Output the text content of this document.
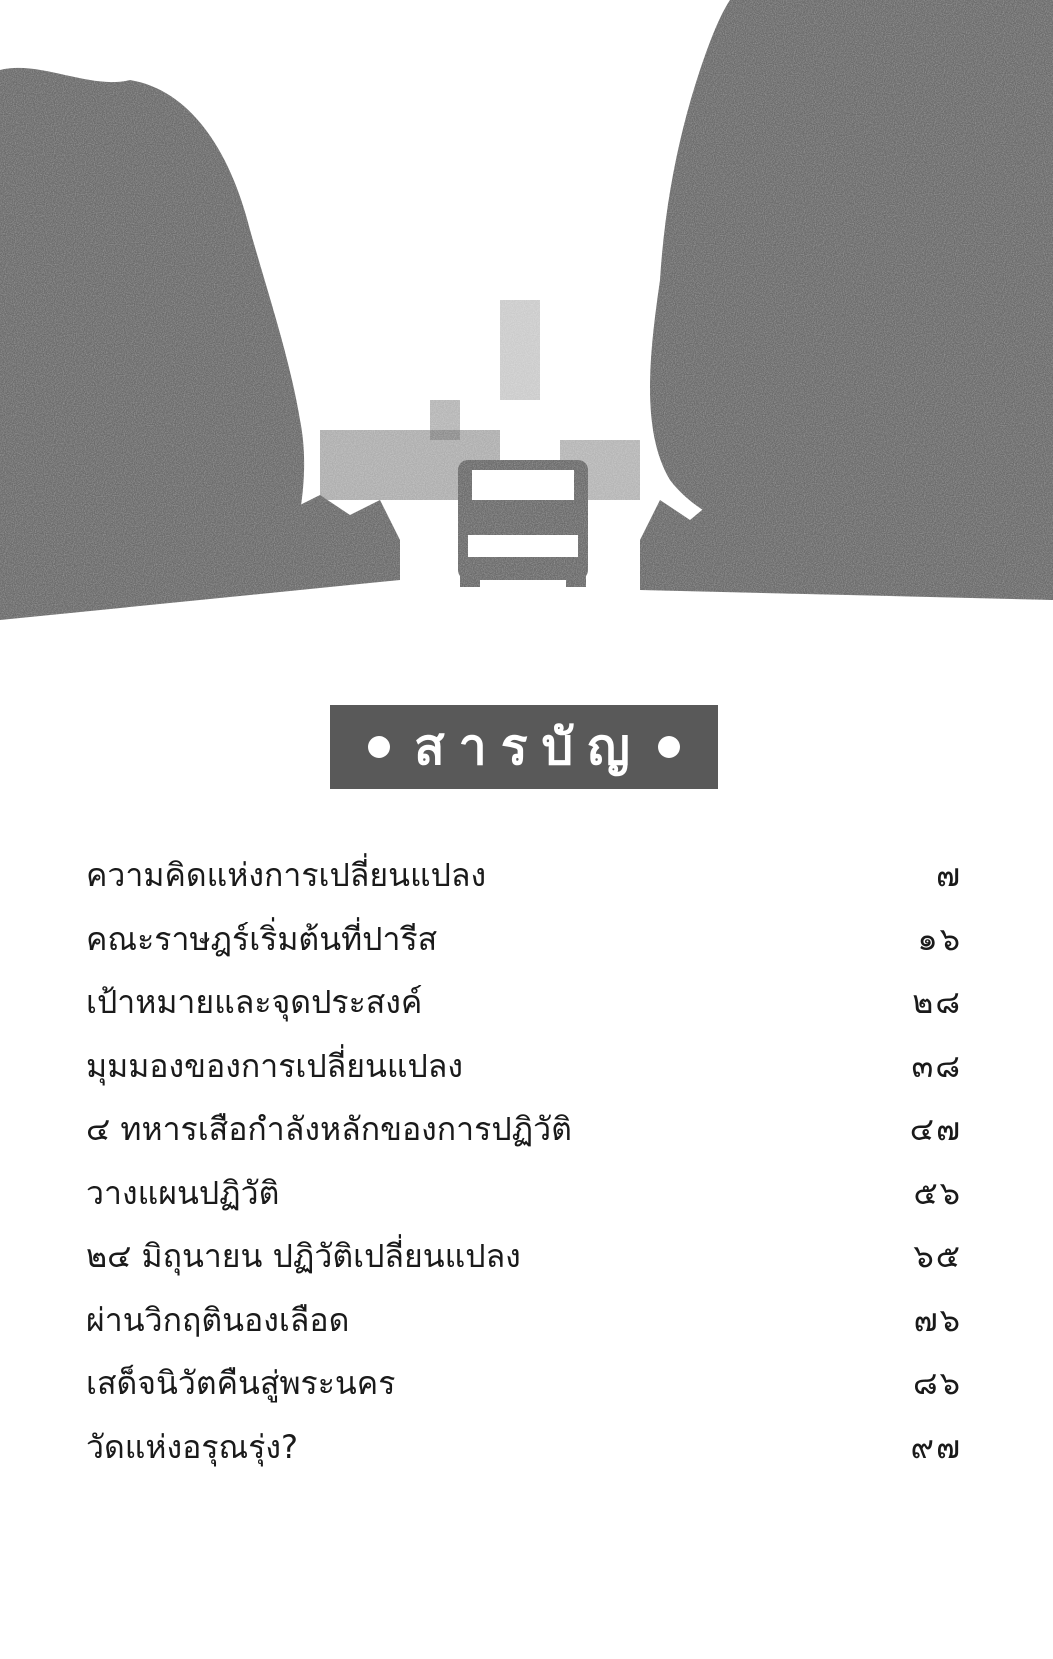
สารบัญ
ความคิดแห่งการเปลี่ยนแปลง	๗
คณะราษฎร์เริ่มต้นที่ปารีส	๑๖
เป้าหมายและจุดประสงค์	๒๘
มุมมองของการเปลี่ยนแปลง	๓๘
๔ ทหารเสือกำลังหลักของการปฏิวัติ	๔๗
วางแผนปฏิวัติ	๕๖
๒๔ มิถุนายน ปฏิวัติเปลี่ยนแปลง	๖๕
ผ่านวิกฤตินองเลือด	๗๖
เสด็จนิวัตคืนสู่พระนคร	๘๖
วัดแห่งอรุณรุ่ง?	๙๗
